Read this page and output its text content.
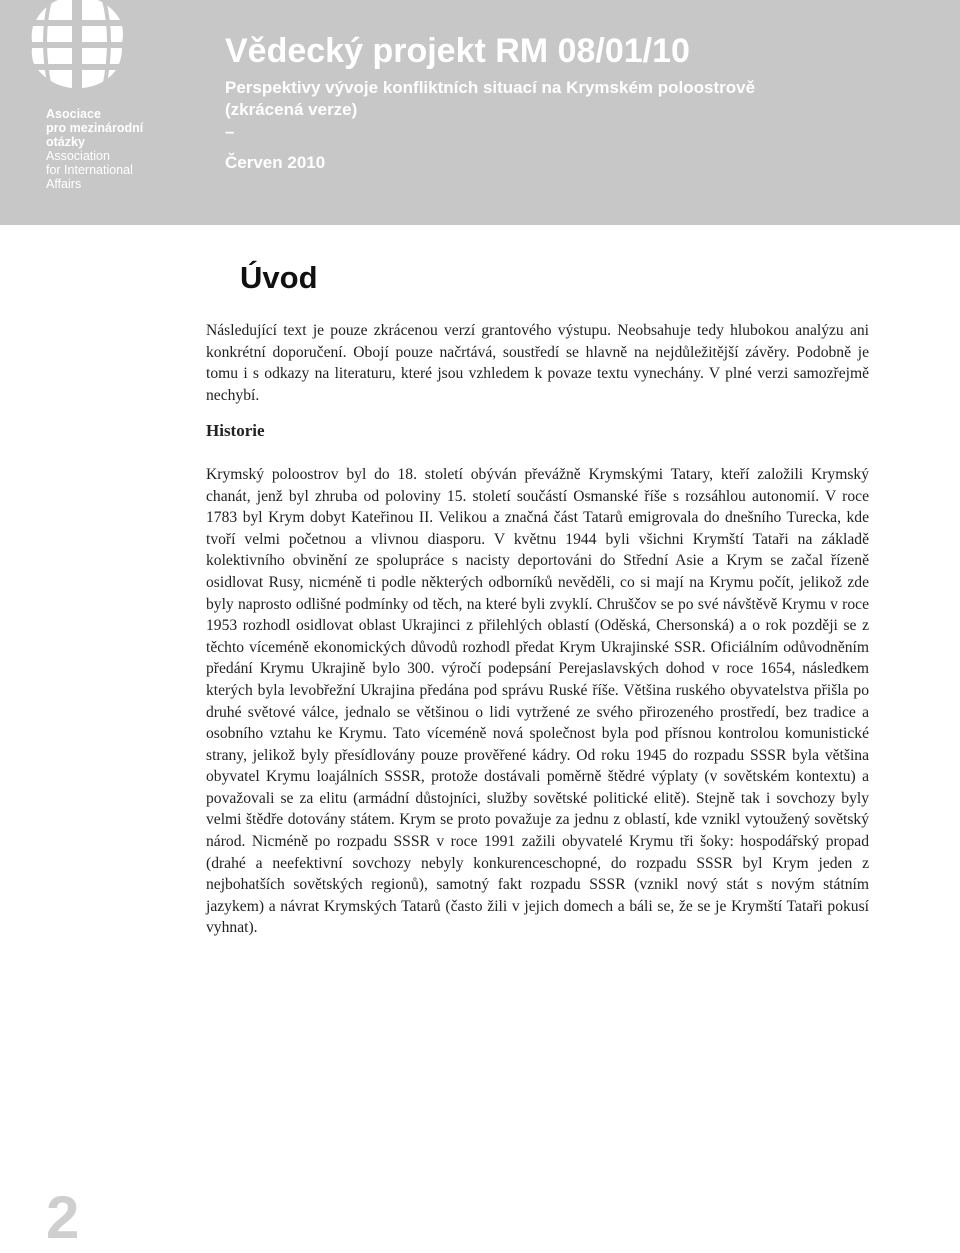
Asociace
pro mezinárodní
otázky
Association
for International
Affairs
Vědecký projekt RM 08/01/10
Perspektivy vývoje konfliktních situací na Krymském poloostrově
(zkrácená verze)
–
Červen 2010
Úvod

Následující text je pouze zkrácenou verzí grantového výstupu. Neobsahuje tedy hlubokou analýzu ani konkrétní doporučení. Obojí pouze načrtává, soustředí se hlavně na nejdůležitější závěry. Podobně je tomu i s odkazy na literaturu, které jsou vzhledem k povaze textu vynechány. V plné verzi samozřejmě nechybí.

Historie

Krymský poloostrov byl do 18. století obýván převážně Krymskými Tatary, kteří založili Krymský chanát, jenž byl zhruba od poloviny 15. století součástí Osmanské říše s rozsáhlou autonomií. V roce 1783 byl Krym dobyt Kateřinou II. Velikou a značná část Tatarů emigrovala do dnešního Turecka, kde tvoří velmi početnou a vlivnou diasporu. V květnu 1944 byli všichni Krymští Tataři na základě kolektivního obvinění ze spolupráce s nacisty deportováni do Střední Asie a Krym se začal řízeně osidlovat Rusy, nicméně ti podle některých odborníků nevěděli, co si mají na Krymu počít, jelikož zde byly naprosto odlišné podmínky od těch, na které byli zvyklí. Chruščov se po své návštěvě Krymu v roce 1953 rozhodl osidlovat oblast Ukrajinci z přilehlých oblastí (Oděská, Chersonská) a o rok později se z těchto víceméně ekonomických důvodů rozhodl předat Krym Ukrajinské SSR. Oficiálním odůvodněním předání Krymu Ukrajině bylo 300. výročí podepsání Perejaslavských dohod v roce 1654, následkem kterých byla levobřežní Ukrajina předána pod správu Ruské říše. Většina ruského obyvatelstva přišla po druhé světové válce, jednalo se většinou o lidi vytržené ze svého přirozeného prostředí, bez tradice a osobního vztahu ke Krymu. Tato víceméně nová společnost byla pod přísnou kontrolou komunistické strany, jelikož byly přesídlovány pouze prověřené kádry. Od roku 1945 do rozpadu SSSR byla většina obyvatel Krymu loajálních SSSR, protože dostávali poměrně štědré výplaty (v sovětském kontextu) a považovali se za elitu (armádní důstojníci, služby sovětské politické elitě). Stejně tak i sovchozy byly velmi štědře dotovány státem. Krym se proto považuje za jednu z oblastí, kde vznikl vytoužený sovětský národ. Nicméně po rozpadu SSSR v roce 1991 zažili obyvatelé Krymu tři šoky: hospodářský propad (drahé a neefektivní sovchozy nebyly konkurenceschopné, do rozpadu SSSR byl Krym jeden z nejbohatších sovětských regionů), samotný fakt rozpadu SSSR (vznikl nový stát s novým státním jazykem) a návrat Krymských Tatarů (často žili v jejich domech a báli se, že se je Krymští Tataři pokusí vyhnat).

2
